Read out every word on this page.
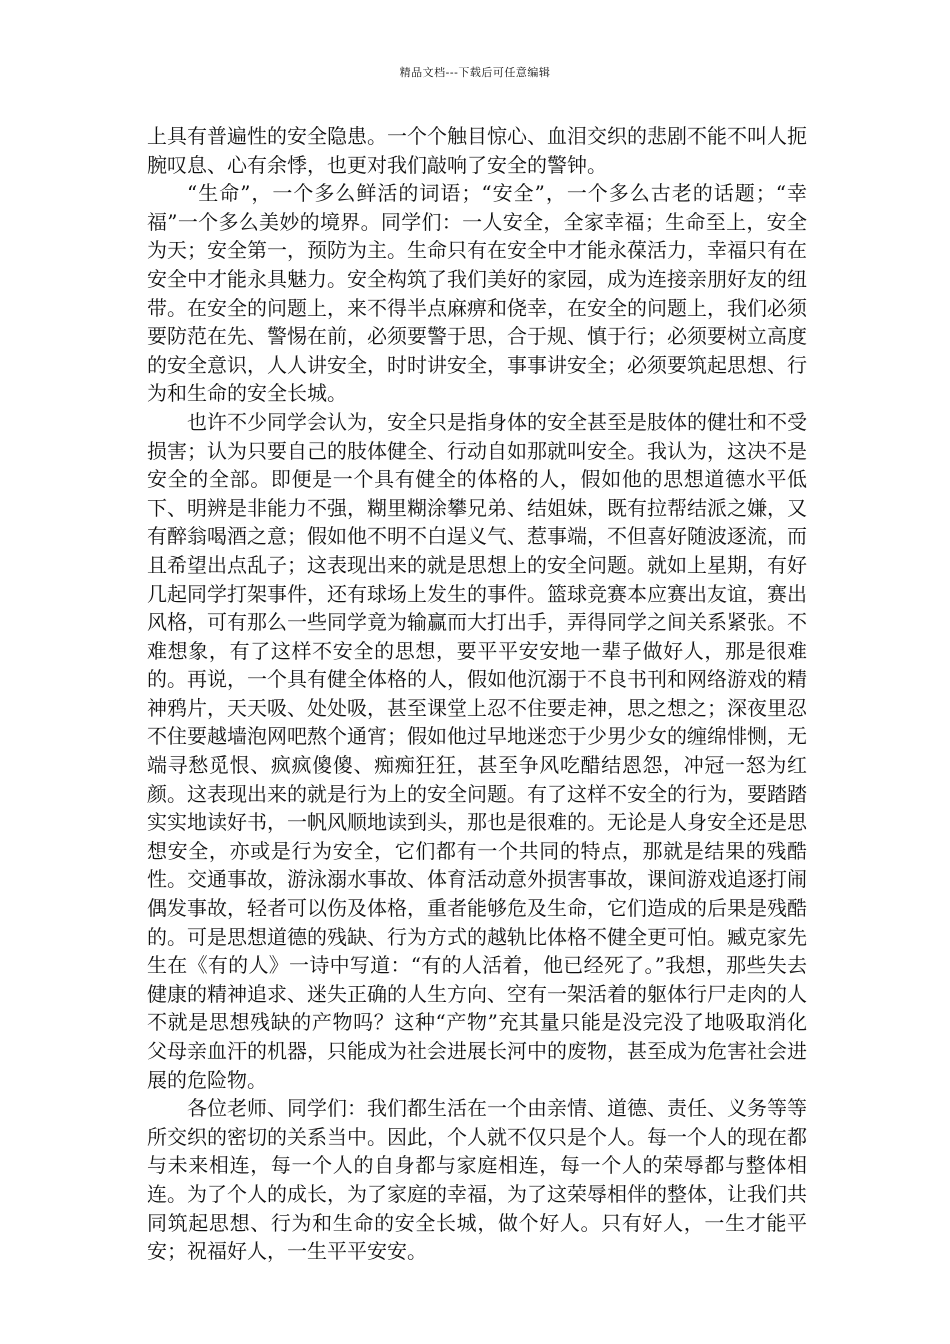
精品文档---下载后可任意编辑

上具有普遍性的安全隐患。一个个触目惊心、血泪交织的悲剧不能不叫人扼腕叹息、心有余悸，也更对我们敲响了安全的警钟。

“生命”，一个多么鲜活的词语；“安全”，一个多么古老的话题；“幸福”一个多么美妙的境界。同学们：一人安全，全家幸福；生命至上，安全为天；安全第一，预防为主。生命只有在安全中才能永葆活力，幸福只有在安全中才能永具魅力。安全构筑了我们美好的家园，成为连接亲朋好友的纽带。在安全的问题上，来不得半点麻痹和侥幸，在安全的问题上，我们必须要防范在先、警惕在前，必须要警于思，合于规、慎于行；必须要树立高度的安全意识，人人讲安全，时时讲安全，事事讲安全；必须要筑起思想、行为和生命的安全长城。

也许不少同学会认为，安全只是指身体的安全甚至是肢体的健壮和不受损害；认为只要自己的肢体健全、行动自如那就叫安全。我认为，这决不是安全的全部。即便是一个具有健全的体格的人，假如他的思想道德水平低下、明辨是非能力不强，糊里糊涂攀兄弟、结姐妹，既有拉帮结派之嫌，又有醉翁喝酒之意；假如他不明不白逞义气、惹事端，不但喜好随波逐流，而且希望出点乱子；这表现出来的就是思想上的安全问题。就如上星期，有好几起同学打架事件，还有球场上发生的事件。篮球竞赛本应赛出友谊，赛出风格，可有那么一些同学竟为输赢而大打出手，弄得同学之间关系紧张。不难想象，有了这样不安全的思想，要平平安安地一辈子做好人，那是很难的。再说，一个具有健全体格的人，假如他沉溺于不良书刊和网络游戏的精神鸦片，天天吸、处处吸，甚至课堂上忍不住要走神，思之想之；深夜里忍不住要越墙泡网吧熬个通宵；假如他过早地迷恋于少男少女的缠绵悱恻，无端寻愁觅恨、疯疯傻傻、痴痴狂狂，甚至争风吃醋结恩怨，冲冠一怒为红颜。这表现出来的就是行为上的安全问题。有了这样不安全的行为，要踏踏实实地读好书，一帆风顺地读到头，那也是很难的。无论是人身安全还是思想安全，亦或是行为安全，它们都有一个共同的特点，那就是结果的残酷性。交通事故，游泳溺水事故、体育活动意外损害事故，课间游戏追逐打闹偶发事故，轻者可以伤及体格，重者能够危及生命，它们造成的后果是残酷的。可是思想道德的残缺、行为方式的越轨比体格不健全更可怕。臧克家先生在《有的人》一诗中写道：“有的人活着，他已经死了。”我想，那些失去健康的精神追求、迷失正确的人生方向、空有一架活着的躯体行尸走肉的人不就是思想残缺的产物吗？这种“产物”充其量只能是没完没了地吸取消化父母亲血汗的机器，只能成为社会进展长河中的废物，甚至成为危害社会进展的危险物。

各位老师、同学们：我们都生活在一个由亲情、道德、责任、义务等等所交织的密切的关系当中。因此，个人就不仅只是个人。每一个人的现在都与未来相连，每一个人的自身都与家庭相连，每一个人的荣辱都与整体相连。为了个人的成长，为了家庭的幸福，为了这荣辱相伴的整体，让我们共同筑起思想、行为和生命的安全长城，做个好人。只有好人，一生才能平安；祝福好人，一生平平安安。
